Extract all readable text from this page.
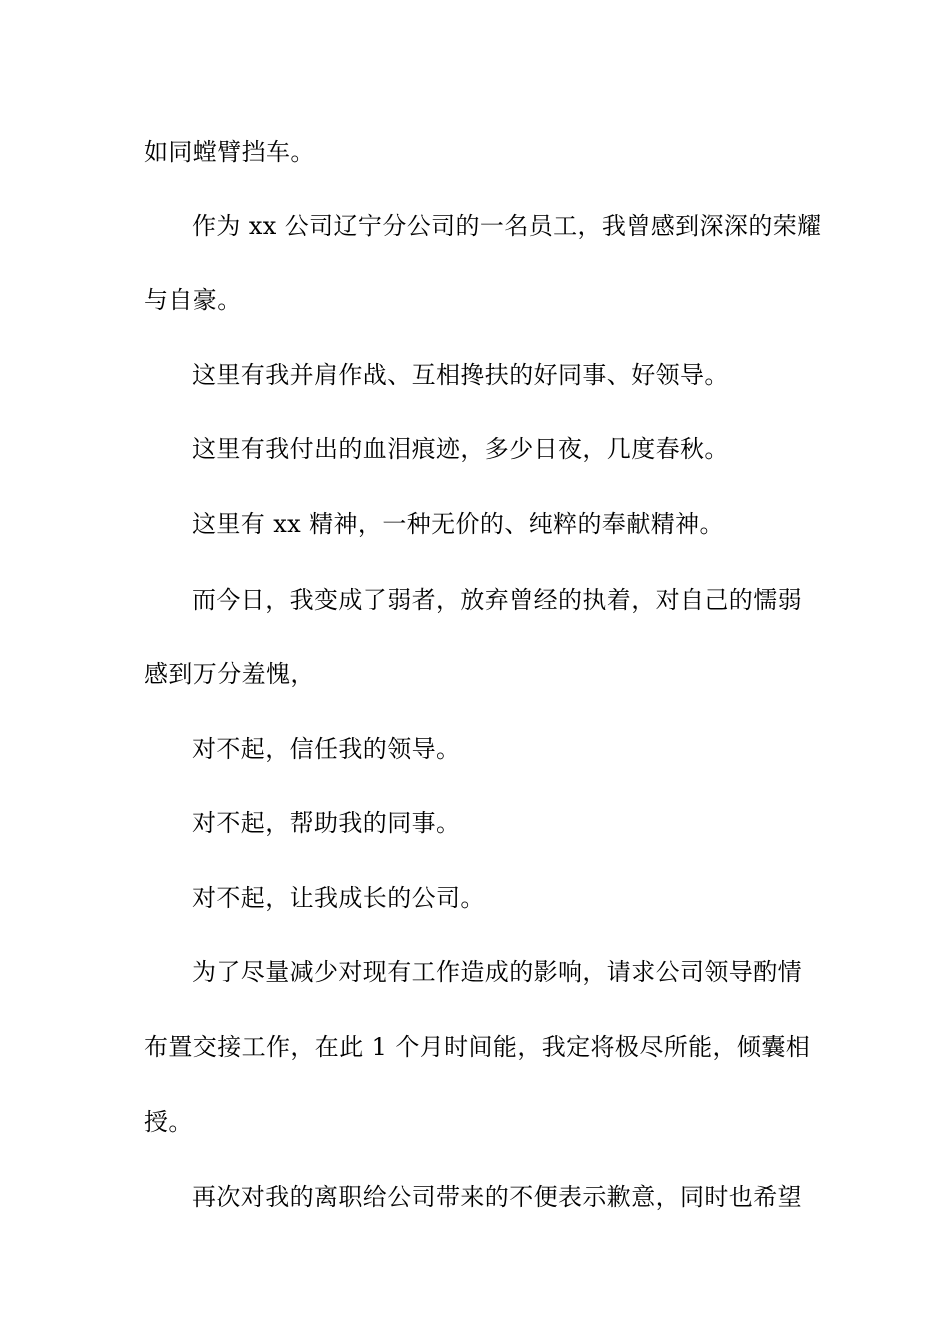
如同螳臂挡车。
作为 xx 公司辽宁分公司的一名员工，我曾感到深深的荣耀
与自豪。
这里有我并肩作战、互相搀扶的好同事、好领导。
这里有我付出的血泪痕迹，多少日夜，几度春秋。
这里有 xx 精神，一种无价的、纯粹的奉献精神。
而今日，我变成了弱者，放弃曾经的执着，对自己的懦弱
感到万分羞愧，
对不起，信任我的领导。
对不起，帮助我的同事。
对不起，让我成长的公司。
为了尽量减少对现有工作造成的影响，请求公司领导酌情
布置交接工作，在此 1 个月时间能，我定将极尽所能，倾囊相
授。
再次对我的离职给公司带来的不便表示歉意，同时也希望
